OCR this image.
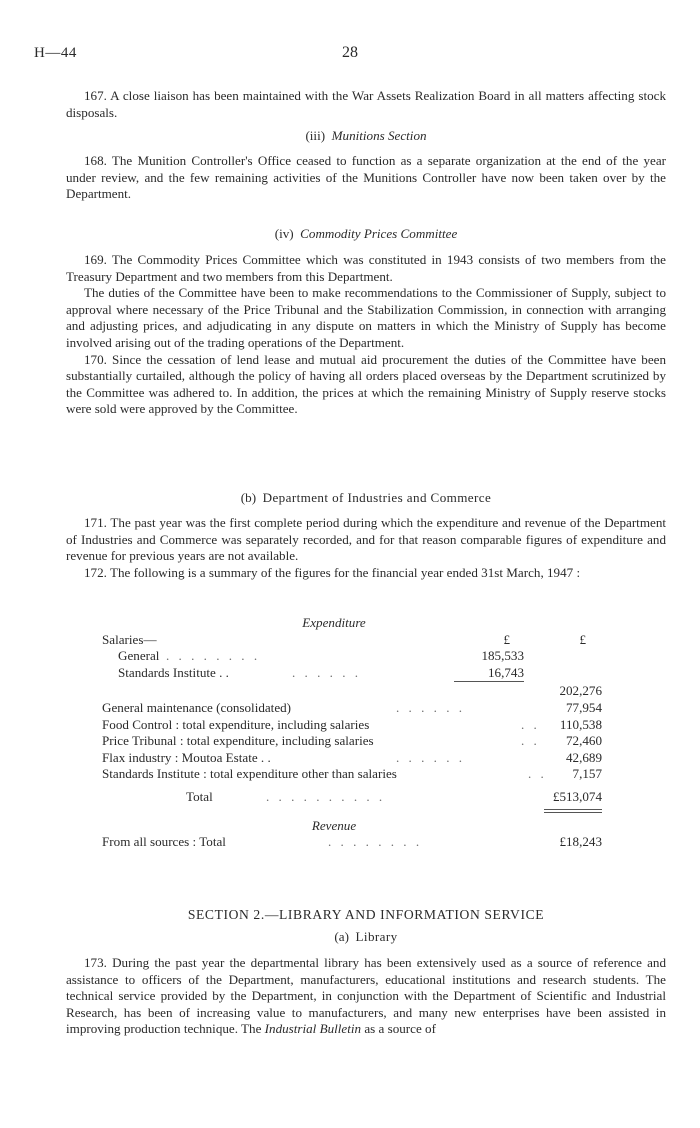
H—44	28

167. A close liaison has been maintained with the War Assets Realization Board in all matters affecting stock disposals.

(iii) Munitions Section

168. The Munition Controller's Office ceased to function as a separate organization at the end of the year under review, and the few remaining activities of the Munitions Controller have now been taken over by the Department.

(iv) Commodity Prices Committee

169. The Commodity Prices Committee which was constituted in 1943 consists of two members from the Treasury Department and two members from this Department.

The duties of the Committee have been to make recommendations to the Commissioner of Supply, subject to approval where necessary of the Price Tribunal and the Stabilization Commission, in connection with arranging and adjusting prices, and adjudicating in any dispute on matters in which the Ministry of Supply has become involved arising out of the trading operations of the Department.

170. Since the cessation of lend lease and mutual aid procurement the duties of the Committee have been substantially curtailed, although the policy of having all orders placed overseas by the Department scrutinized by the Committee was adhered to. In addition, the prices at which the remaining Ministry of Supply reserve stocks were sold were approved by the Committee.

(b) Department of Industries and Commerce

171. The past year was the first complete period during which the expenditure and revenue of the Department of Industries and Commerce was separately recorded, and for that reason comparable figures of expenditure and revenue for previous years are not available.

172. The following is a summary of the figures for the financial year ended 31st March, 1947 :

Expenditure

Salaries—	£	£
General . . . . . . . .	185,533
Standards Institute . .	. . . . . .	16,743
202,276
General maintenance (consolidated)	. . . . . .	77,954
Food Control : total expenditure, including salaries	. . 110,538
Price Tribunal : total expenditure, including salaries	. . 72,460
Flax industry : Moutoa Estate . .	. . . . . .	42,689
Standards Institute : total expenditure other than salaries	. . 7,157
Total	. . . . . . . . . .	£513,074

Revenue

From all sources : Total	. . . . . . . .	£18,243

SECTION 2.—LIBRARY AND INFORMATION SERVICE

(a) Library

173. During the past year the departmental library has been extensively used as a source of reference and assistance to officers of the Department, manufacturers, educational institutions and research students. The technical service provided by the Department, in conjunction with the Department of Scientific and Industrial Research, has been of increasing value to manufacturers, and many new enterprises have been assisted in improving production technique. The Industrial Bulletin as a source of
